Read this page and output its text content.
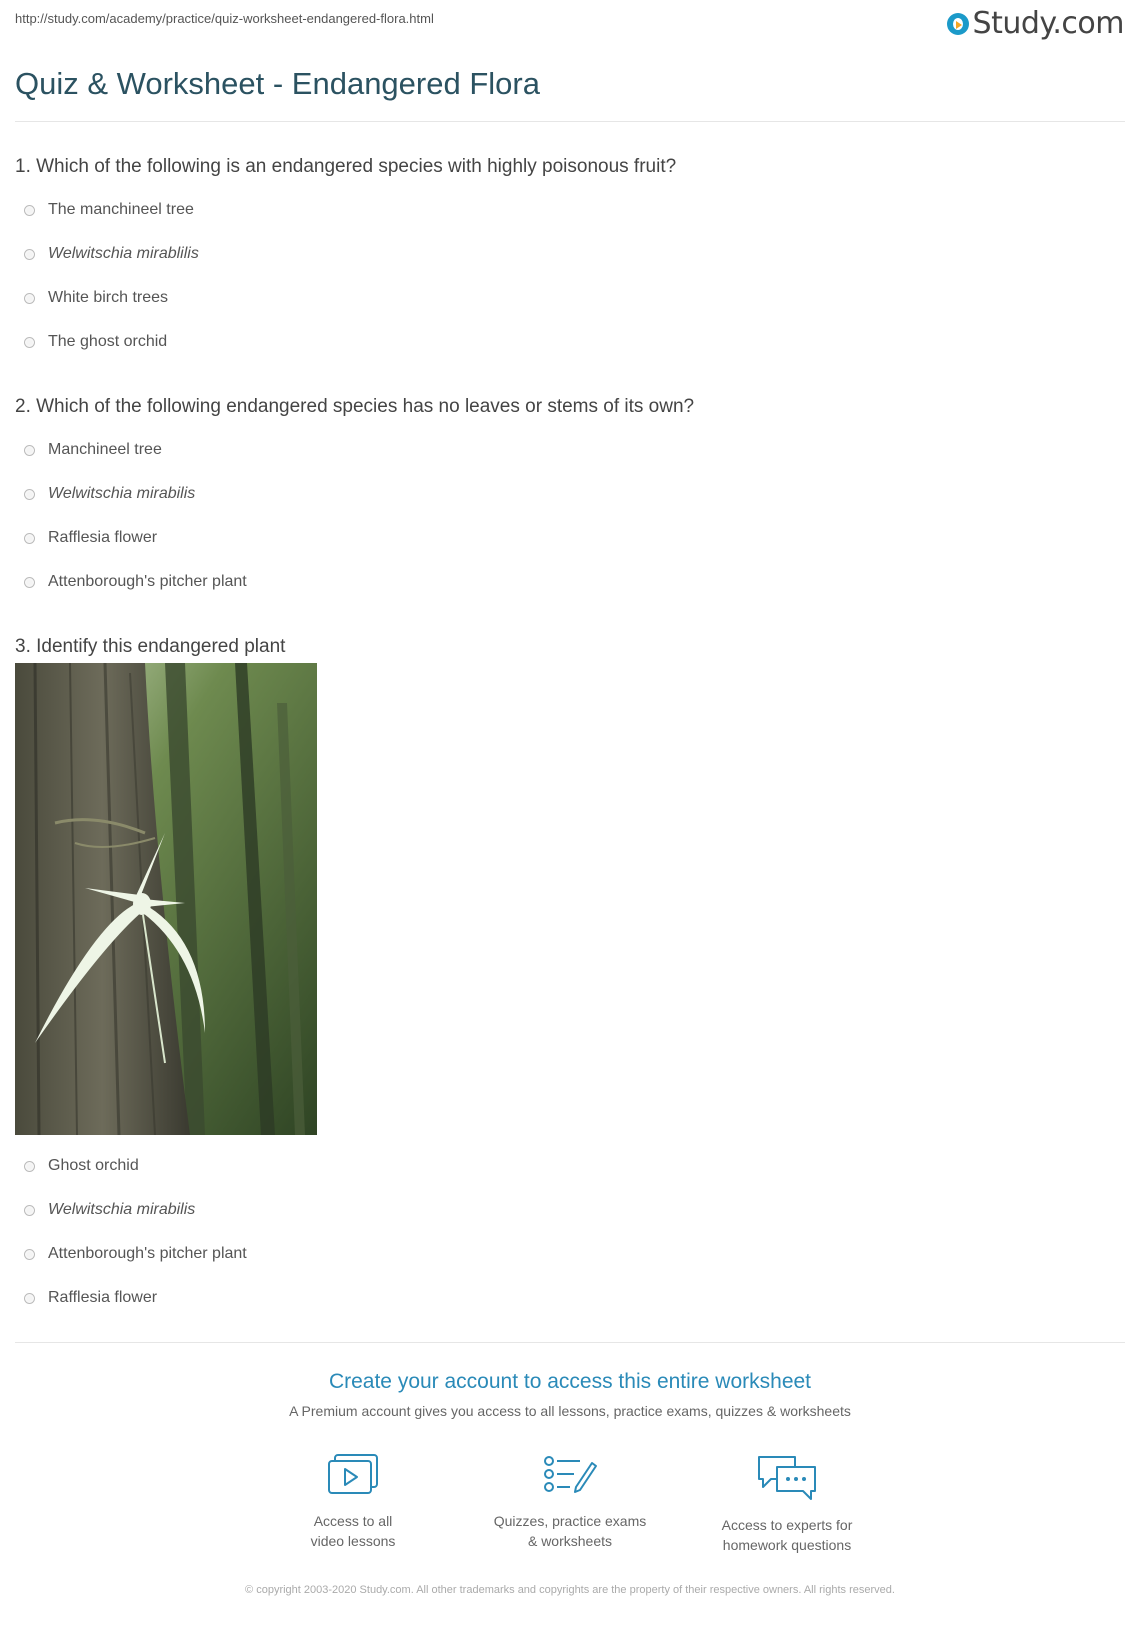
http://study.com/academy/practice/quiz-worksheet-endangered-flora.html	Study.com
Quiz & Worksheet - Endangered Flora
1. Which of the following is an endangered species with highly poisonous fruit?
The manchineel tree
Welwitschia mirablilis
White birch trees
The ghost orchid
2. Which of the following endangered species has no leaves or stems of its own?
Manchineel tree
Welwitschia mirabilis
Rafflesia flower
Attenborough's pitcher plant
3. Identify this endangered plant
Ghost orchid
Welwitschia mirabilis
Attenborough's pitcher plant
Rafflesia flower
Create your account to access this entire worksheet
A Premium account gives you access to all lessons, practice exams, quizzes & worksheets
Access to all
video lessons
Quizzes, practice exams
& worksheets
Access to experts for
homework questions
© copyright 2003-2020 Study.com. All other trademarks and copyrights are the property of their respective owners. All rights reserved.
